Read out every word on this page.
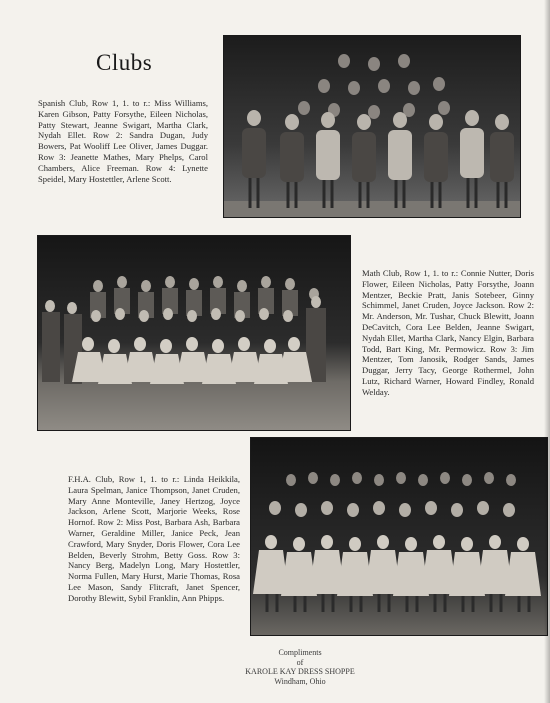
Clubs

Spanish Club, Row 1, 1. to r.: Miss Williams, Karen Gibson, Patty Forsythe, Eileen Nicholas, Patty Stewart, Jeanne Swigart, Martha Clark, Nydah Ellet. Row 2: Sandra Dugan, Judy Bowers, Pat Wooliff Lee Oliver, James Duggar. Row 3: Jeanette Mathes, Mary Phelps, Carol Chambers, Alice Freeman. Row 4: Lynette Speidel, Mary Hostettler, Arlene Scott.

Math Club, Row 1, 1. to r.: Connie Nutter, Doris Flower, Eileen Nicholas, Patty Forsythe, Joann Mentzer, Beckie Pratt, Janis Sotebeer, Ginny Schimmel, Janet Cruden, Joyce Jackson. Row 2: Mr. Anderson, Mr. Tushar, Chuck Blewitt, Joann DeCavitch, Cora Lee Belden, Jeanne Swigart, Nydah Ellet, Martha Clark, Nancy Elgin, Barbara Todd, Bart King, Mr. Permowicz. Row 3: Jim Mentzer, Tom Janosik, Rodger Sands, James Duggar, Jerry Tacy, George Rothermel, John Lutz, Richard Warner, Howard Findley, Ronald Welday.

F.H.A. Club, Row 1, 1. to r.: Linda Heikkila, Laura Spelman, Janice Thompson, Janet Cruden, Mary Anne Monteville, Janey Hertzog, Joyce Jackson, Arlene Scott, Marjorie Weeks, Rose Hornof. Row 2: Miss Post, Barbara Ash, Barbara Warner, Geraldine Miller, Janice Peck, Jean Crawford, Mary Snyder, Doris Flower, Cora Lee Belden, Beverly Strohm, Betty Goss. Row 3: Nancy Berg, Madelyn Long, Mary Hostettler, Norma Fullen, Mary Hurst, Marie Thomas, Rosa Lee Mason, Sandy Flitcraft, Janet Spencer, Dorothy Blewitt, Sybil Franklin, Ann Phipps.

Compliments
of
KAROLE KAY DRESS SHOPPE
Windham, Ohio
